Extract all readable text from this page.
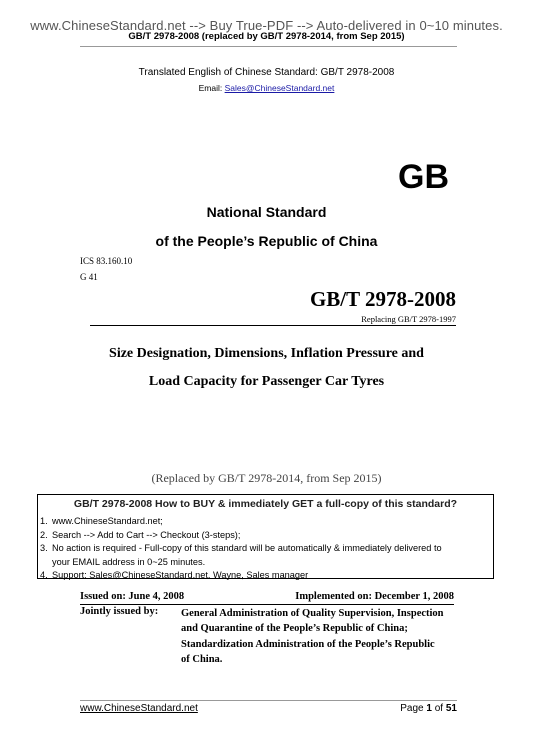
www.ChineseStandard.net --> Buy True-PDF --> Auto-delivered in 0~10 minutes.
GB/T 2978-2008 (replaced by GB/T 2978-2014, from Sep 2015)
Translated English of Chinese Standard: GB/T 2978-2008
Email: Sales@ChineseStandard.net
GB
National Standard
of the People’s Republic of China
ICS 83.160.10
G 41
GB/T 2978-2008
Replacing GB/T 2978-1997
Size Designation, Dimensions, Inflation Pressure and
Load Capacity for Passenger Car Tyres
(Replaced by GB/T 2978-2014, from Sep 2015)
GB/T 2978-2008 How to BUY & immediately GET a full-copy of this standard?
1. www.ChineseStandard.net;
2. Search --> Add to Cart --> Checkout (3-steps);
3. No action is required - Full-copy of this standard will be automatically & immediately delivered to
your EMAIL address in 0~25 minutes.
4. Support: Sales@ChineseStandard.net. Wayne, Sales manager
Issued on: June 4, 2008	Implemented on: December 1, 2008
Jointly issued by: General Administration of Quality Supervision, Inspection
and Quarantine of the People’s Republic of China;
Standardization Administration of the People’s Republic
of China.
www.ChineseStandard.net	Page 1 of 51
